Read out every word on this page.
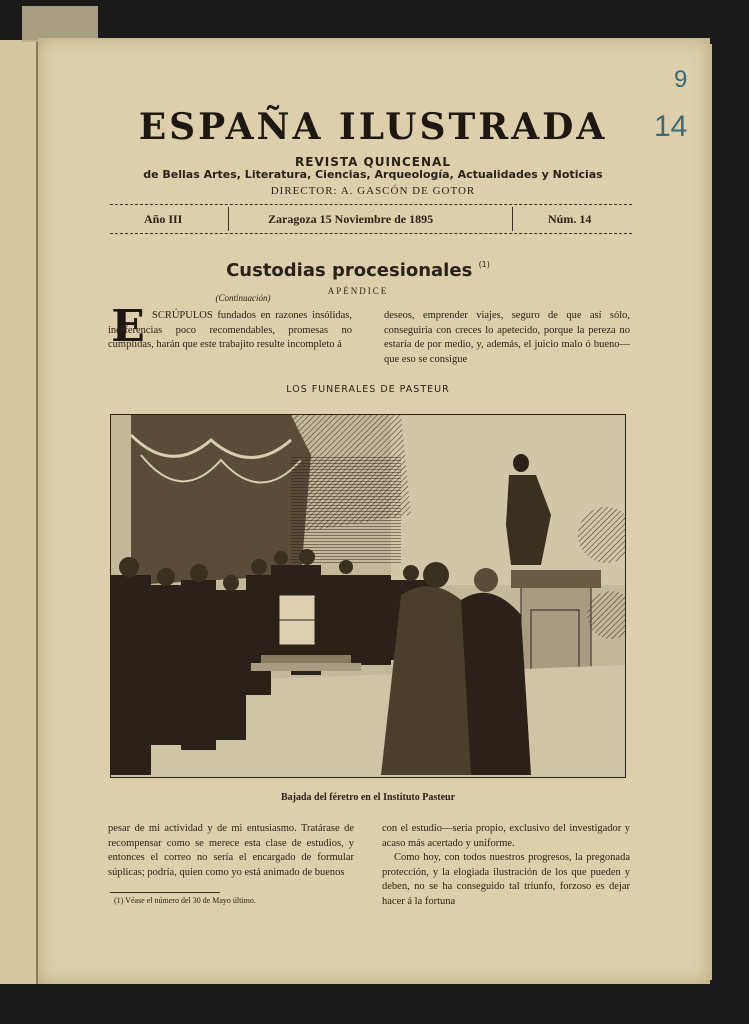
9
14
ESPAÑA ILUSTRADA
REVISTA QUINCENAL
de Bellas Artes, Literatura, Ciencias, Arqueología, Actualidades y Noticias
DIRECTOR: A. GASCÓN DE GOTOR
Año III	Zaragoza 15 Noviembre de 1895	Núm. 14
Custodias procesionales $^{(1)}$
APÉNDICE
(Continuación)
E SCRÚPULOS fundados en razones insólidas, indiferencias poco recomendables, promesas no cumplidas, harán que este trabajito resulte incompleto á

deseos, emprender viajes, seguro de que así sólo, conseguiría con creces lo apetecido, porque la pereza no estaría de por medio, y, además, el juicio malo ó bueno—que eso se consigue

LOS FUNERALES DE PASTEUR
Bajada del féretro en el Instituto Pasteur

pesar de mi actividad y de mi entusiasmo. Tratárase de recompensar como se merece esta clase de estudios, y entonces el correo no sería el encargado de formular súplicas; podría, quien como yo está animado de buenos

con el estudio—sería propio, exclusivo del investigador y acaso más acertado y uniforme.

Como hoy, con todos nuestros progresos, la pregonada protección, y la elogiada ilustración de los que pueden y deben, no se ha conseguido tal triunfo, forzoso es dejar hacer á la fortuna

(1) Véase el número del 30 de Mayo último.
